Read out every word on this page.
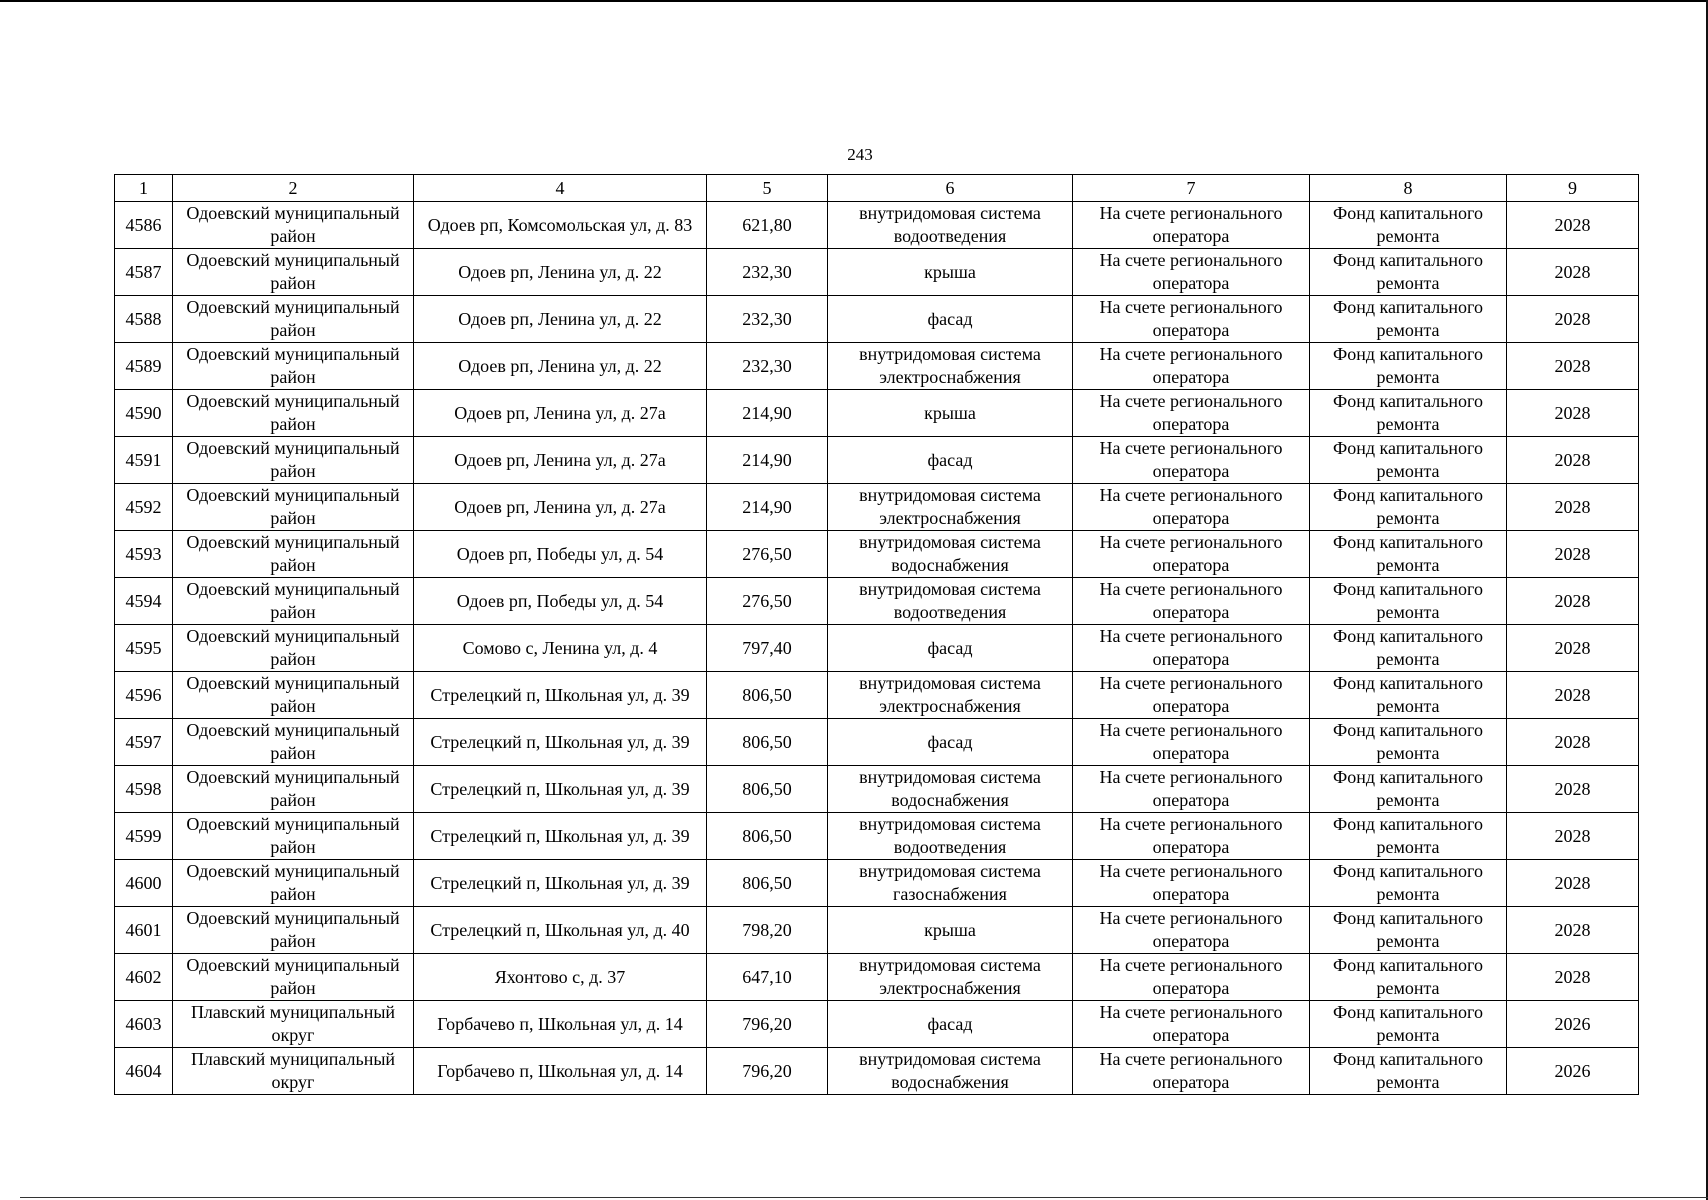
243
1	2	4	5	6	7	8	9
4586	Одоевский муниципальный район	Одоев рп, Комсомольская ул, д. 83	621,80	внутридомовая система водоотведения	На счете регионального оператора	Фонд капитального ремонта	2028
4587	Одоевский муниципальный район	Одоев рп, Ленина ул, д. 22	232,30	крыша	На счете регионального оператора	Фонд капитального ремонта	2028
4588	Одоевский муниципальный район	Одоев рп, Ленина ул, д. 22	232,30	фасад	На счете регионального оператора	Фонд капитального ремонта	2028
4589	Одоевский муниципальный район	Одоев рп, Ленина ул, д. 22	232,30	внутридомовая система электроснабжения	На счете регионального оператора	Фонд капитального ремонта	2028
4590	Одоевский муниципальный район	Одоев рп, Ленина ул, д. 27а	214,90	крыша	На счете регионального оператора	Фонд капитального ремонта	2028
4591	Одоевский муниципальный район	Одоев рп, Ленина ул, д. 27а	214,90	фасад	На счете регионального оператора	Фонд капитального ремонта	2028
4592	Одоевский муниципальный район	Одоев рп, Ленина ул, д. 27а	214,90	внутридомовая система электроснабжения	На счете регионального оператора	Фонд капитального ремонта	2028
4593	Одоевский муниципальный район	Одоев рп, Победы ул, д. 54	276,50	внутридомовая система водоснабжения	На счете регионального оператора	Фонд капитального ремонта	2028
4594	Одоевский муниципальный район	Одоев рп, Победы ул, д. 54	276,50	внутридомовая система водоотведения	На счете регионального оператора	Фонд капитального ремонта	2028
4595	Одоевский муниципальный район	Сомово с, Ленина ул, д. 4	797,40	фасад	На счете регионального оператора	Фонд капитального ремонта	2028
4596	Одоевский муниципальный район	Стрелецкий п, Школьная ул, д. 39	806,50	внутридомовая система электроснабжения	На счете регионального оператора	Фонд капитального ремонта	2028
4597	Одоевский муниципальный район	Стрелецкий п, Школьная ул, д. 39	806,50	фасад	На счете регионального оператора	Фонд капитального ремонта	2028
4598	Одоевский муниципальный район	Стрелецкий п, Школьная ул, д. 39	806,50	внутридомовая система водоснабжения	На счете регионального оператора	Фонд капитального ремонта	2028
4599	Одоевский муниципальный район	Стрелецкий п, Школьная ул, д. 39	806,50	внутридомовая система водоотведения	На счете регионального оператора	Фонд капитального ремонта	2028
4600	Одоевский муниципальный район	Стрелецкий п, Школьная ул, д. 39	806,50	внутридомовая система газоснабжения	На счете регионального оператора	Фонд капитального ремонта	2028
4601	Одоевский муниципальный район	Стрелецкий п, Школьная ул, д. 40	798,20	крыша	На счете регионального оператора	Фонд капитального ремонта	2028
4602	Одоевский муниципальный район	Яхонтово с, д. 37	647,10	внутридомовая система электроснабжения	На счете регионального оператора	Фонд капитального ремонта	2028
4603	Плавский муниципальный округ	Горбачево п, Школьная ул, д. 14	796,20	фасад	На счете регионального оператора	Фонд капитального ремонта	2026
4604	Плавский муниципальный округ	Горбачево п, Школьная ул, д. 14	796,20	внутридомовая система водоснабжения	На счете регионального оператора	Фонд капитального ремонта	2026
